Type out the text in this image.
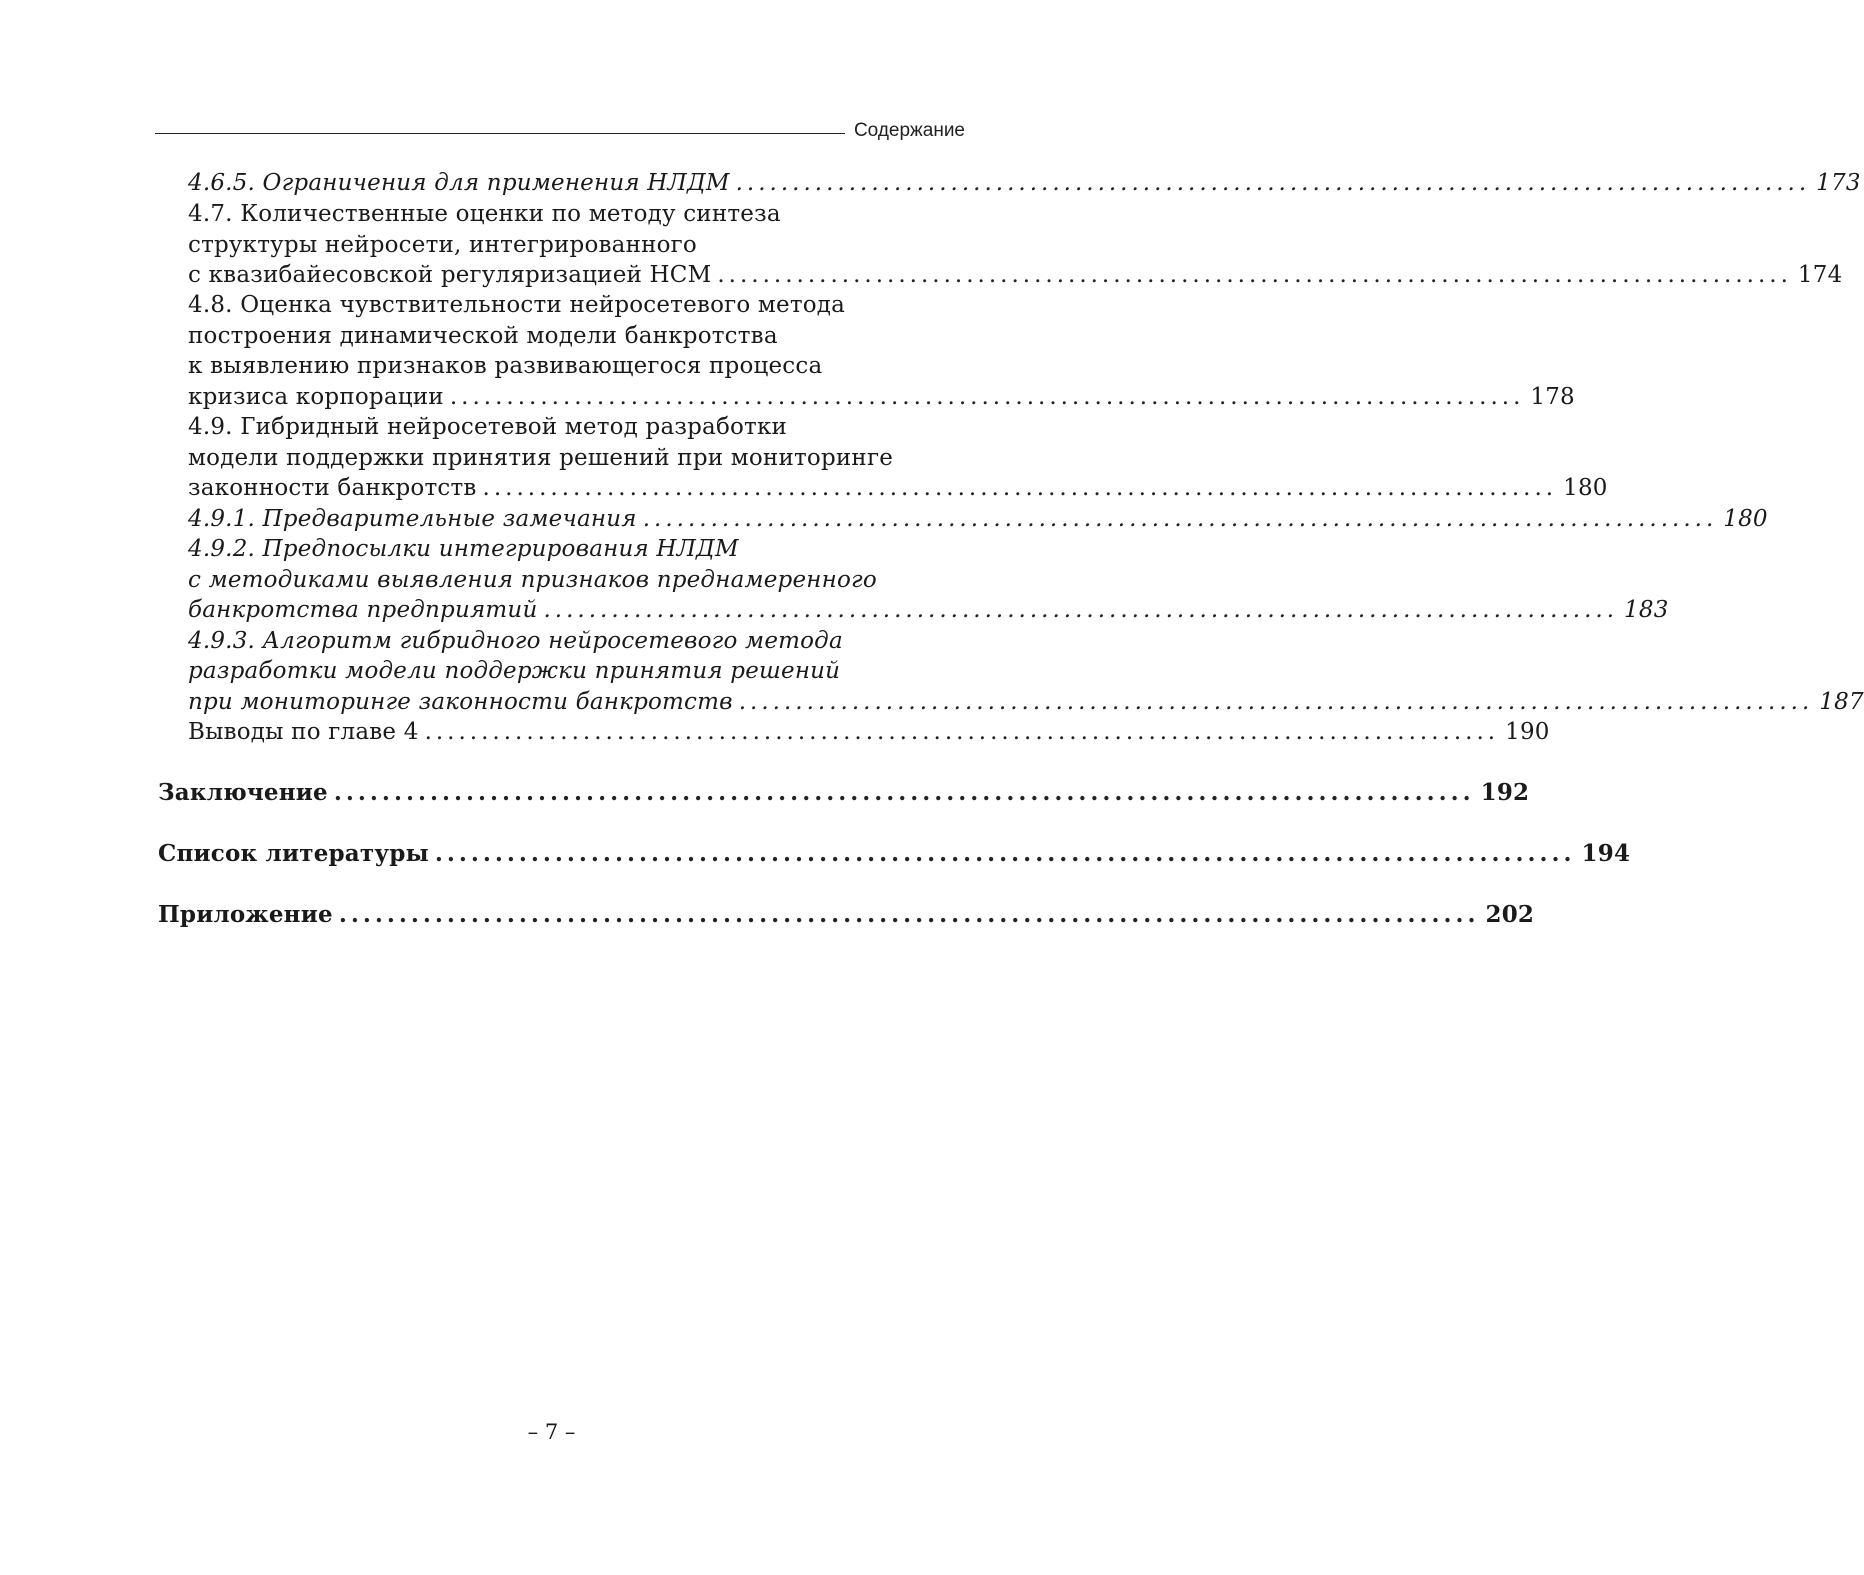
Содержание
4.6.5. Ограничения для применения НЛДМ ............................................................................................... 173
4.7. Количественные оценки по методу синтеза
структуры нейросети, интегрированного
с квазибайесовской регуляризацией НСМ ............................................................................................... 174
4.8. Оценка чувствительности нейросетевого метода
построения динамической модели банкротства
к выявлению признаков развивающегося процесса
кризиса корпорации ............................................................................................... 178
4.9. Гибридный нейросетевой метод разработки
модели поддержки принятия решений при мониторинге
законности банкротств ............................................................................................... 180
4.9.1. Предварительные замечания ............................................................................................... 180
4.9.2. Предпосылки интегрирования НЛДМ
с методиками выявления признаков преднамеренного
банкротства предприятий ............................................................................................... 183
4.9.3. Алгоритм гибридного нейросетевого метода
разработки модели поддержки принятия решений
при мониторинге законности банкротств ............................................................................................... 187
Выводы по главе 4 ............................................................................................... 190
Заключение ............................................................................................... 192
Список литературы ............................................................................................... 194
Приложение ............................................................................................... 202
– 7 –
